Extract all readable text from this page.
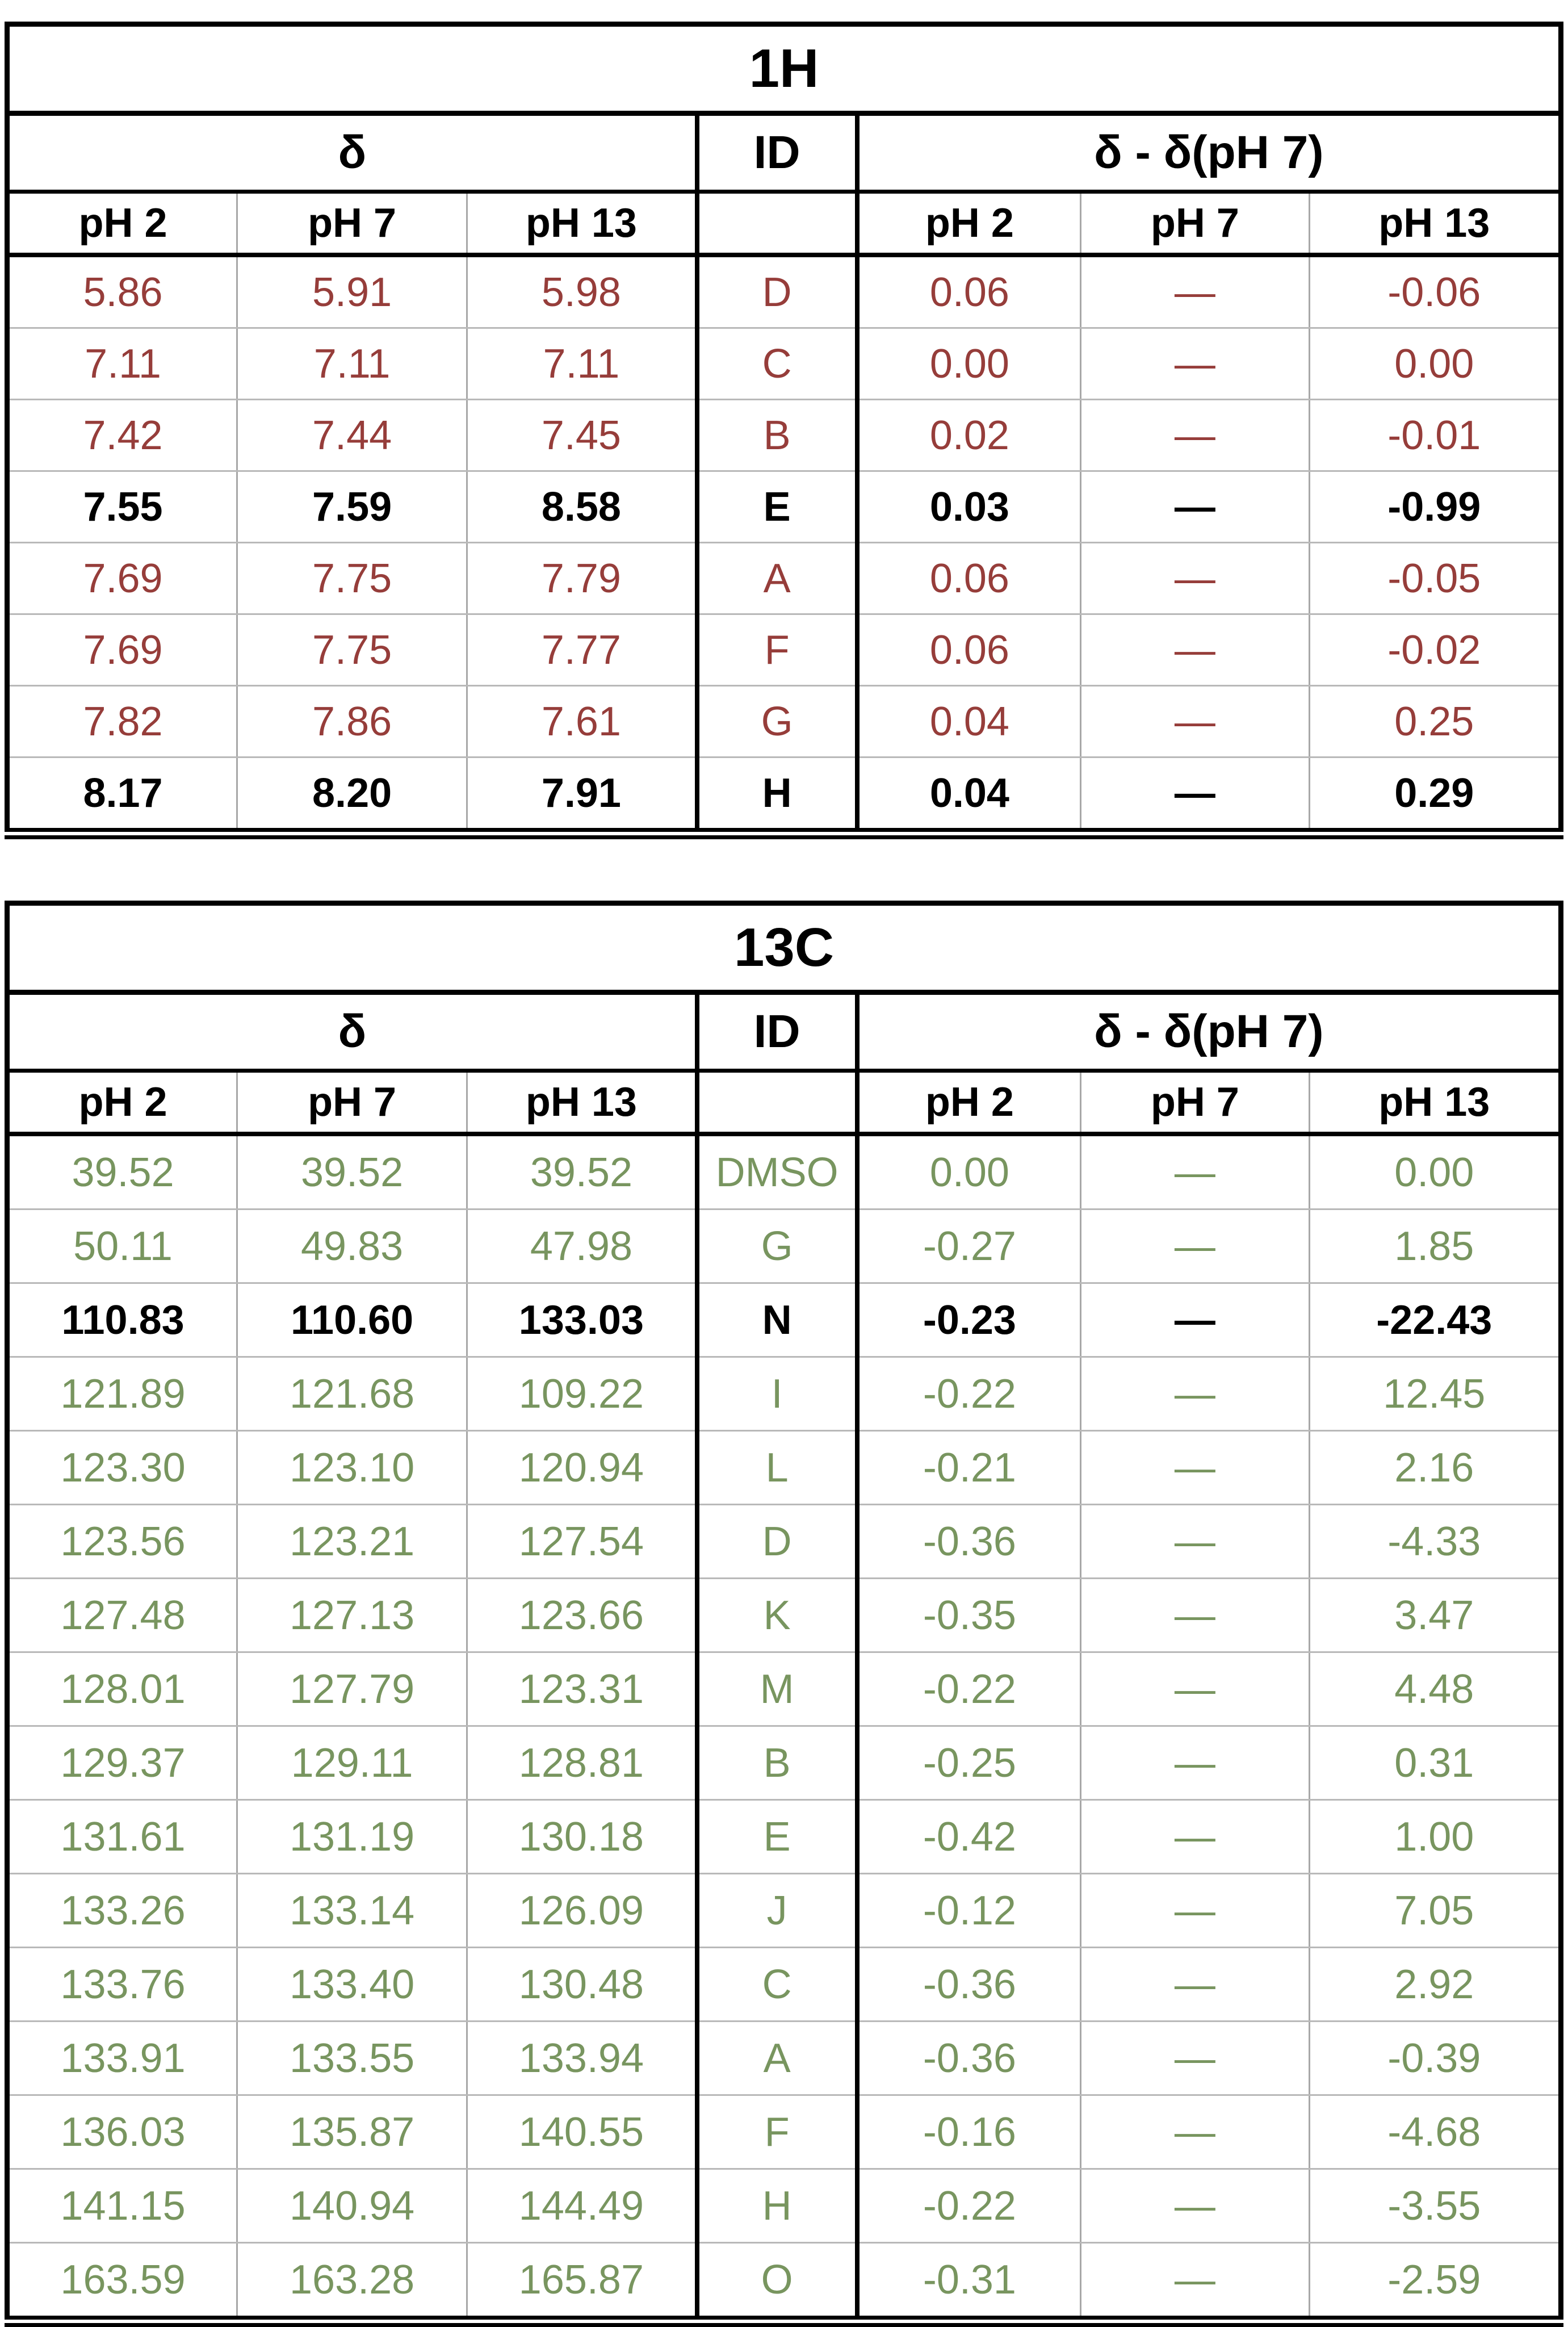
1H						
δ			ID	δ - δ(pH 7)		
pH 2	pH 7	pH 13		pH 2	pH 7	pH 13
5.86	5.91	5.98	D	0.06	—	-0.06
7.11	7.11	7.11	C	0.00	—	0.00
7.42	7.44	7.45	B	0.02	—	-0.01
7.55	7.59	8.58	E	0.03	—	-0.99
7.69	7.75	7.79	A	0.06	—	-0.05
7.69	7.75	7.77	F	0.06	—	-0.02
7.82	7.86	7.61	G	0.04	—	0.25
8.17	8.20	7.91	H	0.04	—	0.29
13C						
δ			ID	δ - δ(pH 7)		
pH 2	pH 7	pH 13		pH 2	pH 7	pH 13
39.52	39.52	39.52	DMSO	0.00	—	0.00
50.11	49.83	47.98	G	-0.27	—	1.85
110.83	110.60	133.03	N	-0.23	—	-22.43
121.89	121.68	109.22	I	-0.22	—	12.45
123.30	123.10	120.94	L	-0.21	—	2.16
123.56	123.21	127.54	D	-0.36	—	-4.33
127.48	127.13	123.66	K	-0.35	—	3.47
128.01	127.79	123.31	M	-0.22	—	4.48
129.37	129.11	128.81	B	-0.25	—	0.31
131.61	131.19	130.18	E	-0.42	—	1.00
133.26	133.14	126.09	J	-0.12	—	7.05
133.76	133.40	130.48	C	-0.36	—	2.92
133.91	133.55	133.94	A	-0.36	—	-0.39
136.03	135.87	140.55	F	-0.16	—	-4.68
141.15	140.94	144.49	H	-0.22	—	-3.55
163.59	163.28	165.87	O	-0.31	—	-2.59
